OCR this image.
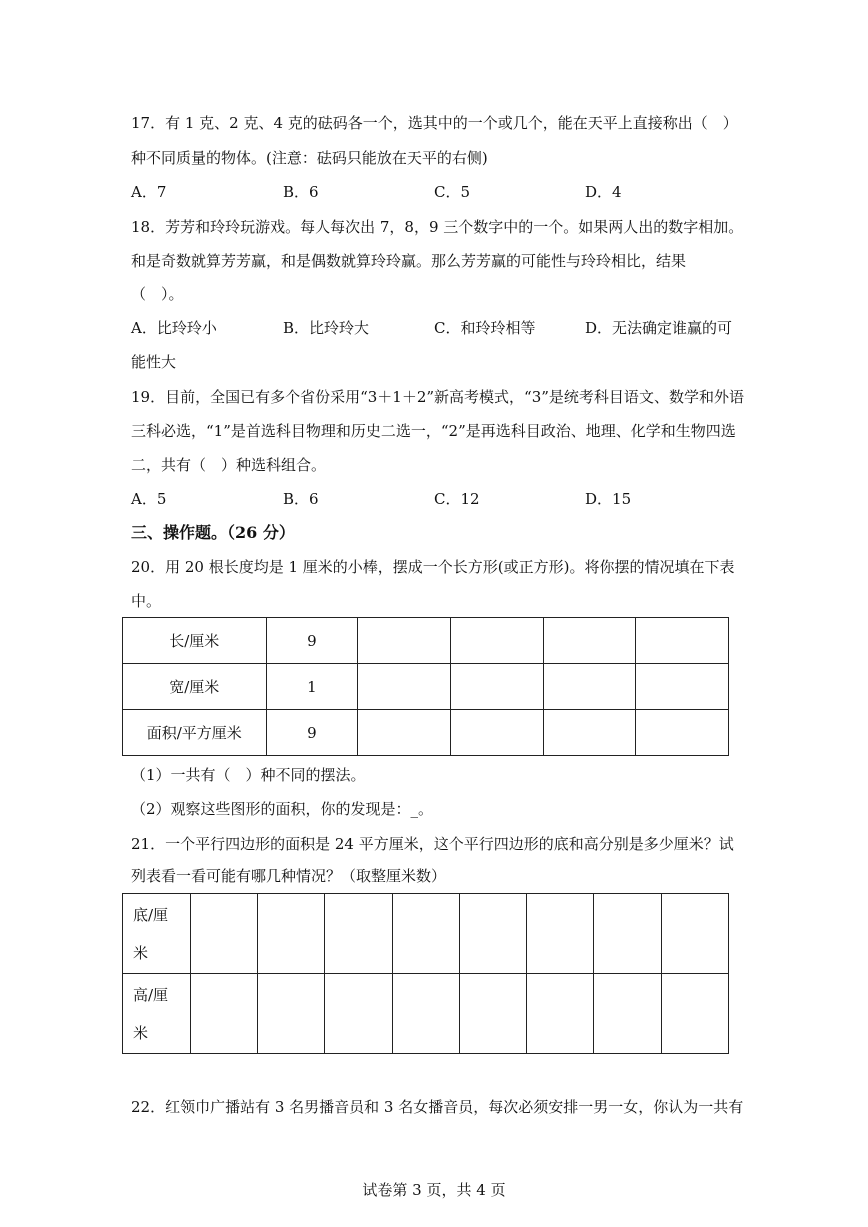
17．有 1 克、2 克、4 克的砝码各一个，选其中的一个或几个，能在天平上直接称出（　）
种不同质量的物体。(注意：砝码只能放在天平的右侧)
A．7	B．6	C．5	D．4
18．芳芳和玲玲玩游戏。每人每次出 7，8，9 三个数字中的一个。如果两人出的数字相加。
和是奇数就算芳芳赢，和是偶数就算玲玲赢。那么芳芳赢的可能性与玲玲相比，结果
（　）。
A．比玲玲小	B．比玲玲大	C．和玲玲相等	D．无法确定谁赢的可
能性大
19．目前，全国已有多个省份采用“3＋1＋2”新高考模式，“3”是统考科目语文、数学和外语
三科必选，“1”是首选科目物理和历史二选一，“2”是再选科目政治、地理、化学和生物四选
二，共有（　）种选科组合。
A．5	B．6	C．12	D．15
三、操作题。（26 分）
20．用 20 根长度均是 1 厘米的小棒，摆成一个长方形(或正方形)。将你摆的情况填在下表
中。
长/厘米	9				
宽/厘米	1				
面积/平方厘米	9				
（1）一共有（　）种不同的摆法。
（2）观察这些图形的面积，你的发现是：_。
21．一个平行四边形的面积是 24 平方厘米，这个平行四边形的底和高分别是多少厘米？试
列表看一看可能有哪几种情况？（取整厘米数）
底/厘
米								
高/厘
米								
22．红领巾广播站有 3 名男播音员和 3 名女播音员，每次必须安排一男一女，你认为一共有
试卷第 3 页，共 4 页
